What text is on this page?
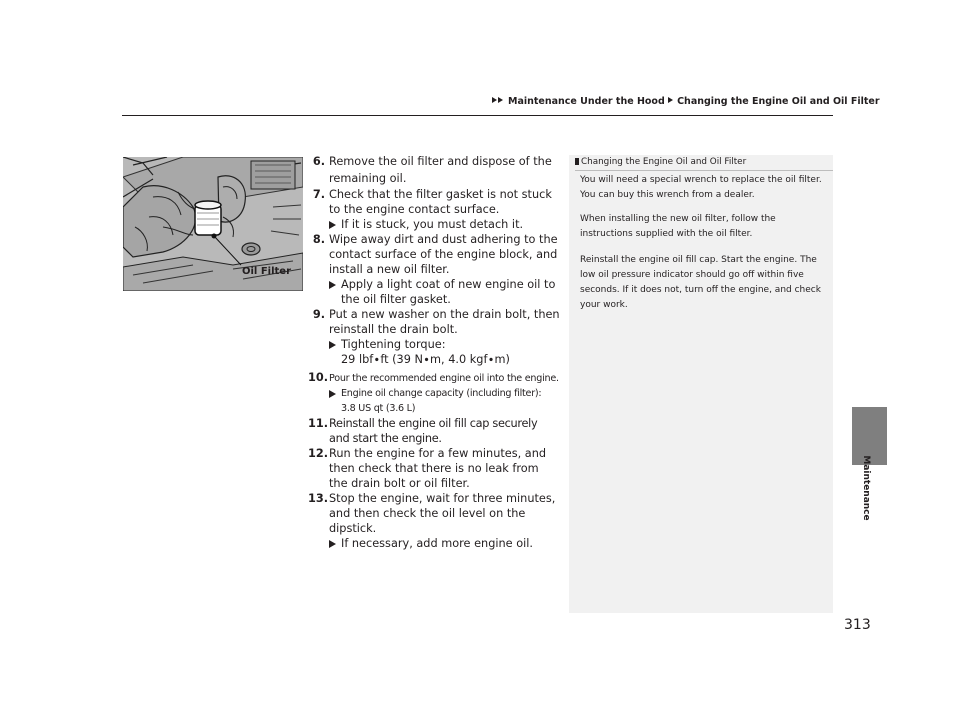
Maintenance Under the Hood Changing the Engine Oil and Oil Filter
Maintenance
Oil Filter
6. Remove the oil filter and dispose of the remaining oil.
7. Check that the filter gasket is not stuck to the engine contact surface.
If it is stuck, you must detach it.
8. Wipe away dirt and dust adhering to the contact surface of the engine block, and install a new oil filter.
Apply a light coat of new engine oil to the oil filter gasket.
9. Put a new washer on the drain bolt, then reinstall the drain bolt.
Tightening torque:
29 lbf∙ft (39 N∙m, 4.0 kgf∙m)
10. Pour the recommended engine oil into the engine.
Engine oil change capacity (including filter):
3.8 US qt (3.6 L)
11. Reinstall the engine oil fill cap securely and start the engine.
12. Run the engine for a few minutes, and then check that there is no leak from the drain bolt or oil filter.
13. Stop the engine, wait for three minutes, and then check the oil level on the dipstick.
If necessary, add more engine oil.
Changing the Engine Oil and Oil Filter

You will need a special wrench to replace the oil filter. You can buy this wrench from a dealer.

When installing the new oil filter, follow the instructions supplied with the oil filter.

Reinstall the engine oil fill cap. Start the engine. The low oil pressure indicator should go off within five seconds. If it does not, turn off the engine, and check your work.

313
